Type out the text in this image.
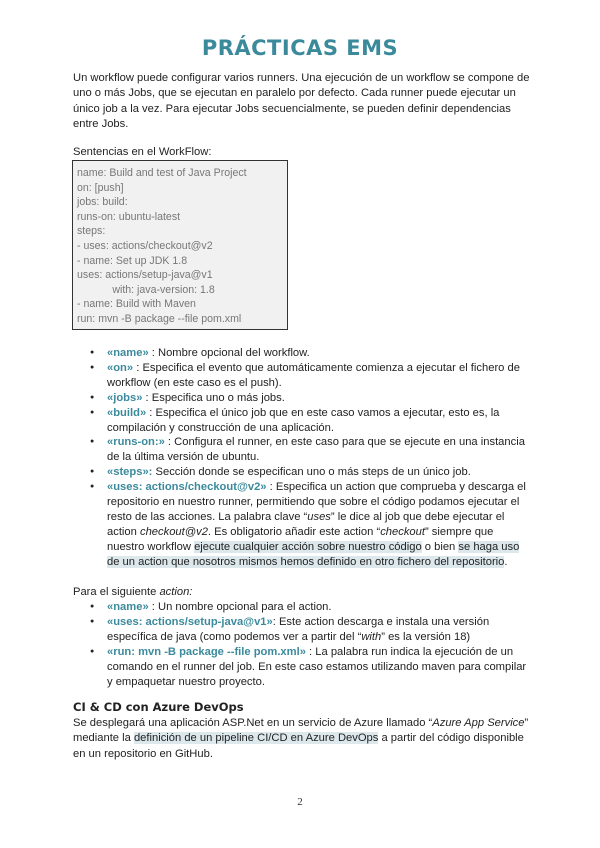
PRÁCTICAS EMS
Un workflow puede configurar varios runners. Una ejecución de un workflow se compone de uno o más Jobs, que se ejecutan en paralelo por defecto. Cada runner puede ejecutar un único job a la vez. Para ejecutar Jobs secuencialmente, se pueden definir dependencias entre Jobs.
Sentencias en el WorkFlow:
name: Build and test of Java Project
on: [push]
jobs: build:
runs-on: ubuntu-latest
steps:
- uses: actions/checkout@v2
- name: Set up JDK 1.8
uses: actions/setup-java@v1
with: java-version: 1.8
- name: Build with Maven
run: mvn -B package --file pom.xml
● «name» : Nombre opcional del workflow.
● «on» : Especifica el evento que automáticamente comienza a ejecutar el fichero de workflow (en este caso es el push).
● «jobs» : Especifica uno o más jobs.
● «build» : Especifica el único job que en este caso vamos a ejecutar, esto es, la compilación y construcción de una aplicación.
● «runs-on:» : Configura el runner, en este caso para que se ejecute en una instancia de la última versión de ubuntu.
● «steps»: Sección donde se especifican uno o más steps de un único job.
● «uses: actions/checkout@v2» : Especifica un action que comprueba y descarga el repositorio en nuestro runner, permitiendo que sobre el código podamos ejecutar el resto de las acciones. La palabra clave “uses” le dice al job que debe ejecutar el action checkout@v2. Es obligatorio añadir este action “checkout” siempre que nuestro workflow ejecute cualquier acción sobre nuestro código o bien se haga uso de un action que nosotros mismos hemos definido en otro fichero del repositorio.
Para el siguiente action:
● «name» : Un nombre opcional para el action.
● «uses: actions/setup-java@v1»: Este action descarga e instala una versión específica de java (como podemos ver a partir del “with” es la versión 18)
● «run: mvn -B package --file pom.xml» : La palabra run indica la ejecución de un comando en el runner del job. En este caso estamos utilizando maven para compilar y empaquetar nuestro proyecto.
CI & CD con Azure DevOps
Se desplegará una aplicación ASP.Net en un servicio de Azure llamado “Azure App Service” mediante la definición de un pipeline CI/CD en Azure DevOps a partir del código disponible en un repositorio en GitHub.
2
